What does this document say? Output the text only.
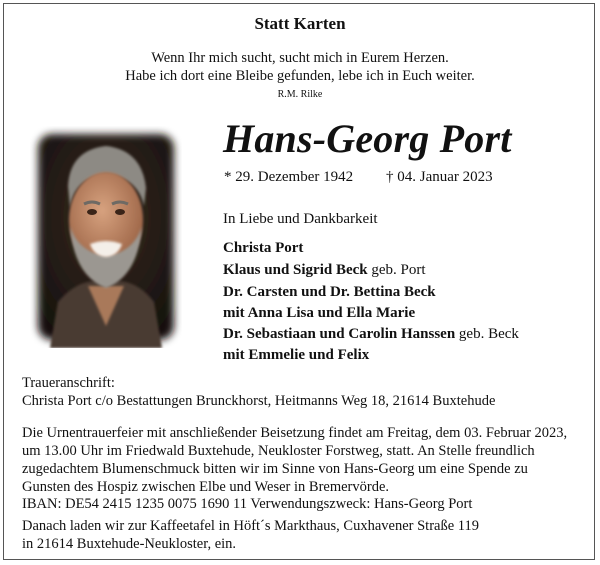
Statt Karten
Wenn Ihr mich sucht, sucht mich in Eurem Herzen.
Habe ich dort eine Bleibe gefunden, lebe ich in Euch weiter.
R.M. Rilke
Hans-Georg Port
* 29. Dezember 1942 † 04. Januar 2023
In Liebe und Dankbarkeit
Christa Port
Klaus und Sigrid Beck geb. Port
Dr. Carsten und Dr. Bettina Beck
mit Anna Lisa und Ella Marie
Dr. Sebastiaan und Carolin Hanssen geb. Beck
mit Emmelie und Felix
Traueranschrift:
Christa Port c/o Bestattungen Brunckhorst, Heitmanns Weg 18, 21614 Buxtehude
Die Urnentrauerfeier mit anschließender Beisetzung findet am Freitag, dem 03. Februar 2023,
um 13.00 Uhr im Friedwald Buxtehude, Neukloster Forstweg, statt. An Stelle freundlich
zugedachtem Blumenschmuck bitten wir im Sinne von Hans-Georg um eine Spende zu
Gunsten des Hospiz zwischen Elbe und Weser in Bremervörde.
IBAN: DE54 2415 1235 0075 1690 11 Verwendungszweck: Hans-Georg Port
Danach laden wir zur Kaffeetafel in Höft´s Markthaus, Cuxhavener Straße 119
in 21614 Buxtehude-Neukloster, ein.
